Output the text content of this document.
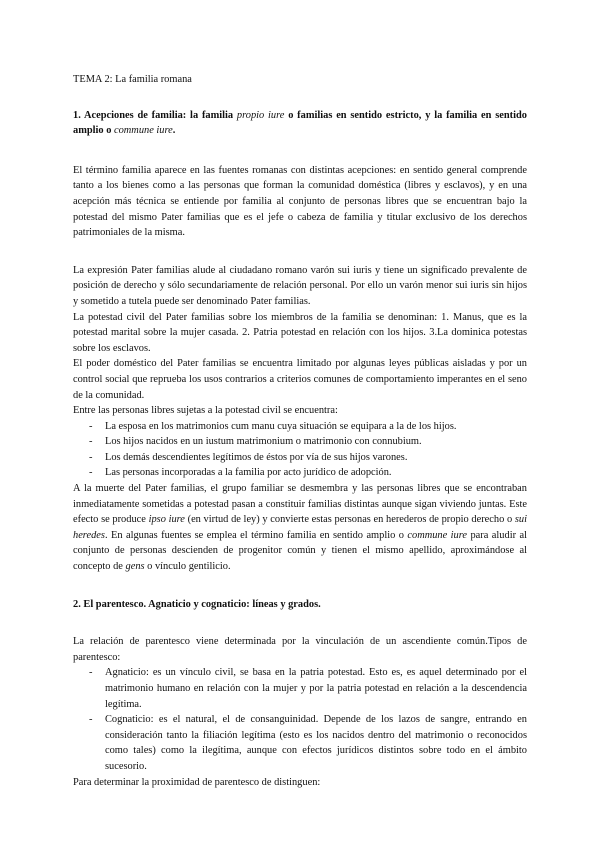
TEMA 2: La familia romana

1. Acepciones de familia: la familia propio iure o familias en sentido estricto, y la familia en sentido amplio o commune iure.

El término familia aparece en las fuentes romanas con distintas acepciones: en sentido general comprende tanto a los bienes como a las personas que forman la comunidad doméstica (libres y esclavos), y en una acepción más técnica se entiende por familia al conjunto de personas libres que se encuentran bajo la potestad del mismo Pater familias que es el jefe o cabeza de familia y titular exclusivo de los derechos patrimoniales de la misma.

La expresión Pater familias alude al ciudadano romano varón sui iuris y tiene un significado prevalente de posición de derecho y sólo secundariamente de relación personal. Por ello un varón menor sui iuris sin hijos y sometido a tutela puede ser denominado Pater familias.

La potestad civil del Pater familias sobre los miembros de la familia se denominan: 1. Manus, que es la potestad marital sobre la mujer casada. 2. Patria potestad en relación con los hijos. 3.La dominica potestas sobre los esclavos.

El poder doméstico del Pater familias se encuentra limitado por algunas leyes públicas aisladas y por un control social que reprueba los usos contrarios a criterios comunes de comportamiento imperantes en el seno de la comunidad.

Entre las personas libres sujetas a la potestad civil se encuentra:

- La esposa en los matrimonios cum manu cuya situación se equipara a la de los hijos.
- Los hijos nacidos en un iustum matrimonium o matrimonio con connubium.
- Los demás descendientes legítimos de éstos por vía de sus hijos varones.
- Las personas incorporadas a la familia por acto jurídico de adopción.

A la muerte del Pater familias, el grupo familiar se desmembra y las personas libres que se encontraban inmediatamente sometidas a potestad pasan a constituir familias distintas aunque sigan viviendo juntas. Este efecto se produce ipso iure (en virtud de ley) y convierte estas personas en herederos de propio derecho o sui heredes. En algunas fuentes se emplea el término familia en sentido amplio o commune iure para aludir al conjunto de personas descienden de progenitor común y tienen el mismo apellido, aproximándose al concepto de gens o vínculo gentilicio.

2. El parentesco. Agnaticio y cognaticio: líneas y grados.

La relación de parentesco viene determinada por la vinculación de un ascendiente común.Tipos de parentesco:

- Agnaticio: es un vínculo civil, se basa en la patria potestad. Esto es, es aquel determinado por el matrimonio humano en relación con la mujer y por la patria potestad en relación a la descendencia legítima.
- Cognaticio: es el natural, el de consanguinidad. Depende de los lazos de sangre, entrando en consideración tanto la filiación legítima (esto es los nacidos dentro del matrimonio o reconocidos como tales) como la ilegítima, aunque con efectos jurídicos distintos sobre todo en el ámbito sucesorio.

Para determinar la proximidad de parentesco de distinguen:
